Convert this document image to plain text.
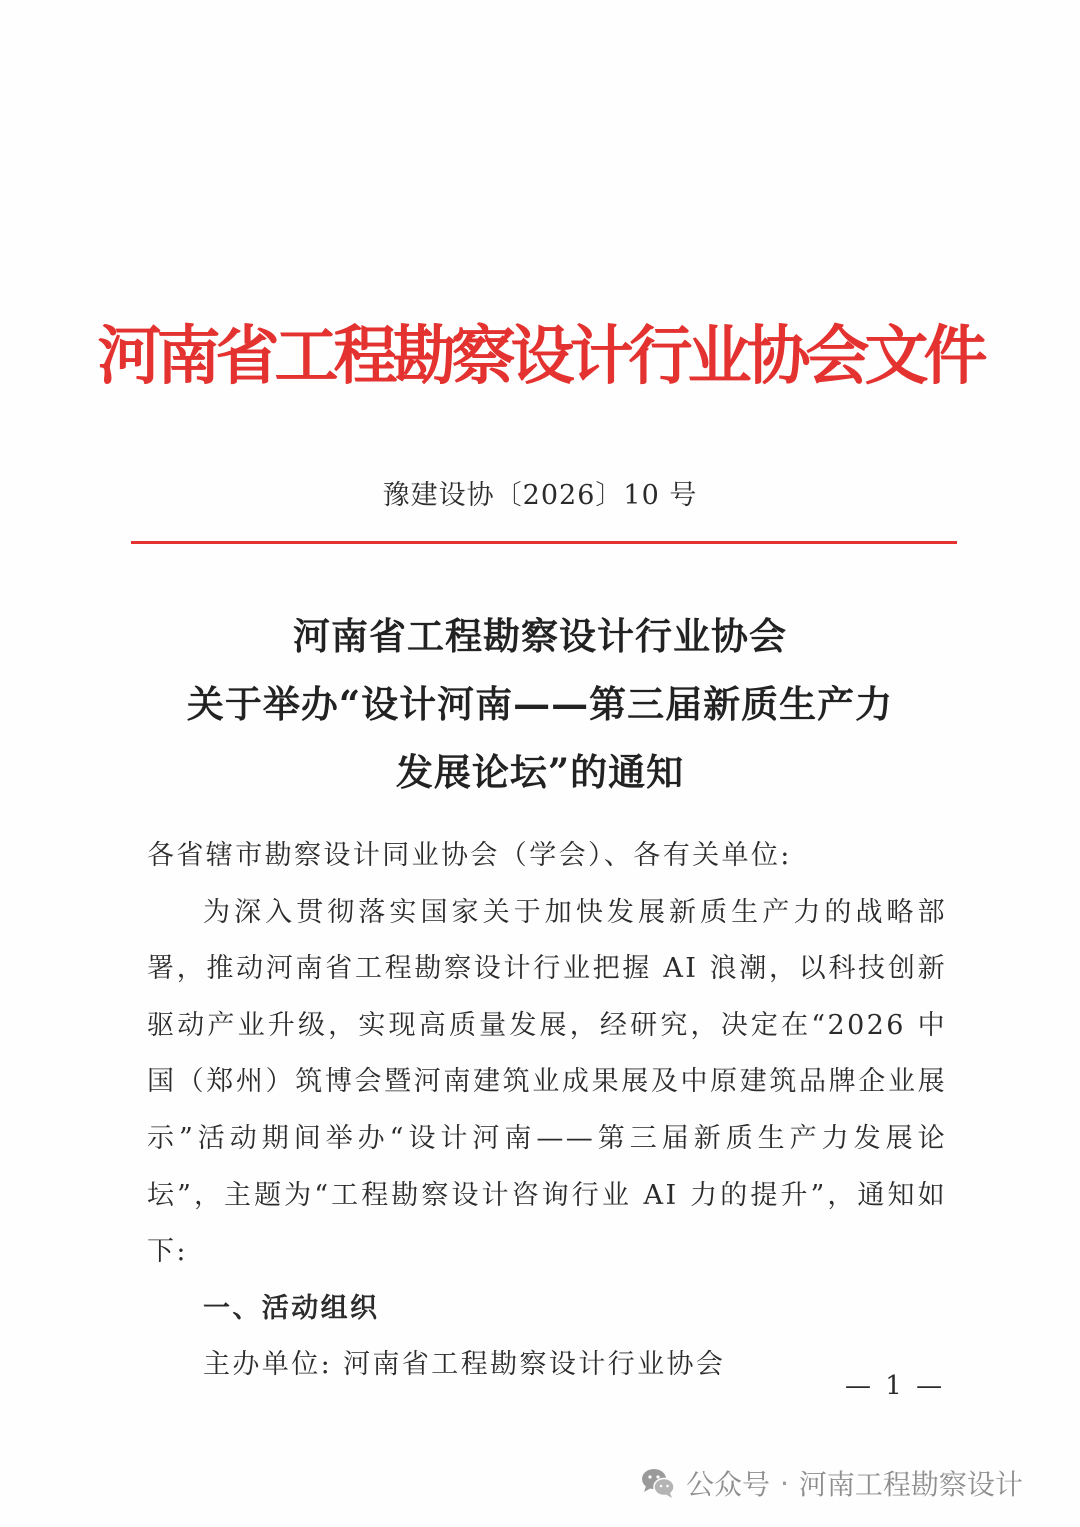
河南省工程勘察设计行业协会文件
豫建设协〔2026〕10 号
河南省工程勘察设计行业协会
关于举办“设计河南——第三届新质生产力
发展论坛”的通知
各省辖市勘察设计同业协会（学会）、各有关单位:

为深入贯彻落实国家关于加快发展新质生产力的战略部署，推动河南省工程勘察设计行业把握 AI 浪潮，以科技创新驱动产业升级，实现高质量发展，经研究，决定在“2026 中国（郑州）筑博会暨河南建筑业成果展及中原建筑品牌企业展示”活动期间举办“设计河南——第三届新质生产力发展论坛”，主题为“工程勘察设计咨询行业 AI 力的提升”，通知如下:

一、活动组织
主办单位: 河南省工程勘察设计行业协会
— 1 —
公众号 · 河南工程勘察设计
